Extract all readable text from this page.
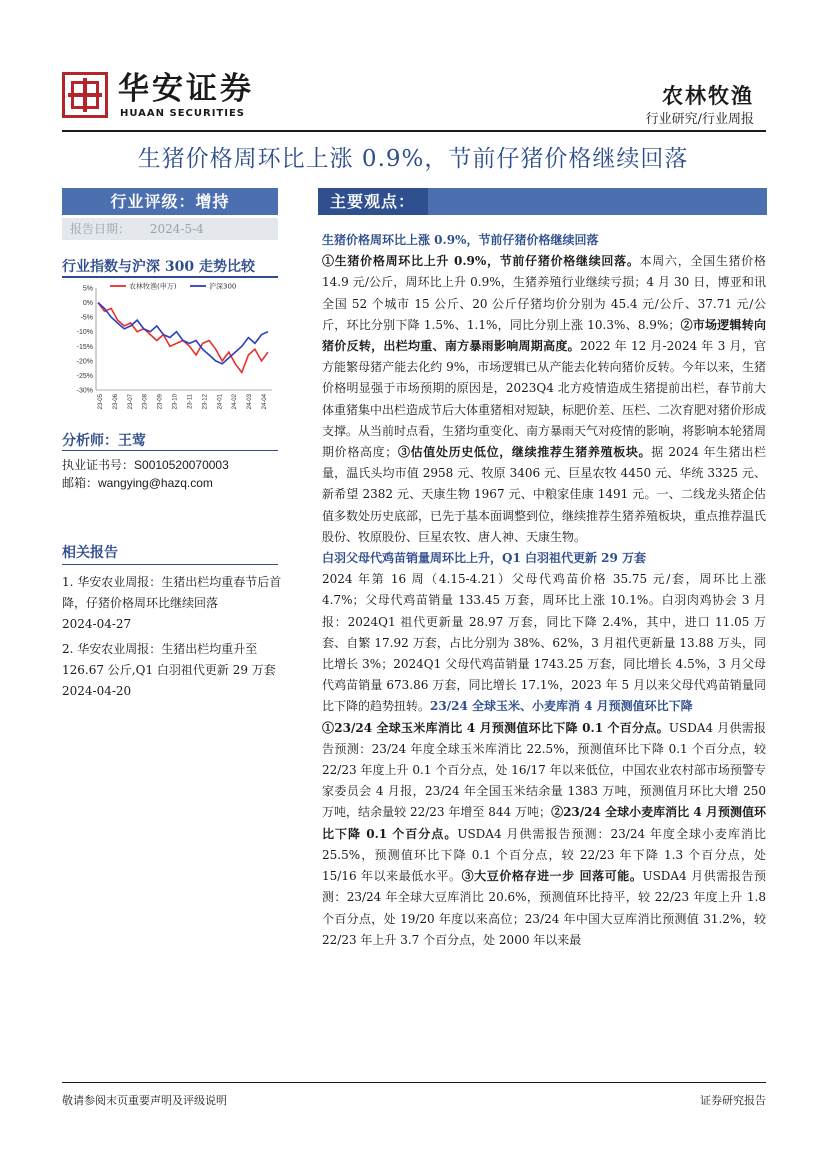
华安证券
HUAAN SECURITIES
农林牧渔
行业研究/行业周报
生猪价格周环比上涨 0.9%，节前仔猪价格继续回落
行业评级：增持
报告日期： 2024-5-4
行业指数与沪深 300 走势比较
5%
0%
-5%
-10%
-15%
-20%
-25%
-30%
23-05 23-06 23-07 23-08 23-09 23-10 23-11 23-12 24-01 24-02 24-03 24-04
农林牧渔(申万)	沪深300
分析师：王莺
执业证书号：S0010520070003
邮箱：wangying@hazq.com
相关报告
1. 华安农业周报：生猪出栏均重春节后首降，仔猪价格周环比继续回落
2024-04-27
2. 华安农业周报：生猪出栏均重升至 126.67 公斤,Q1 白羽祖代更新 29 万套
2024-04-20
主要观点：

生猪价格周环比上涨 0.9%，节前仔猪价格继续回落
①生猪价格周环比上升 0.9%，节前仔猪价格继续回落。本周六，全国生猪价格 14.9 元/公斤，周环比上升 0.9%，生猪养殖行业继续亏损；4 月 30 日，博亚和讯全国 52 个城市 15 公斤、20 公斤仔猪均价分别为 45.4 元/公斤、37.71 元/公斤，环比分别下降 1.5%、1.1%，同比分别上涨 10.3%、8.9%；②市场逻辑转向猪价反转，出栏均重、南方暴雨影响周期高度。2022 年 12 月-2024 年 3 月，官方能繁母猪产能去化约 9%，市场逻辑已从产能去化转向猪价反转。今年以来，生猪价格明显强于市场预期的原因是，2023Q4 北方疫情造成生猪提前出栏，春节前大体重猪集中出栏造成节后大体重猪相对短缺，标肥价差、压栏、二次育肥对猪价形成支撑。从当前时点看，生猪均重变化、南方暴雨天气对疫情的影响，将影响本轮猪周期价格高度；③估值处历史低位，继续推荐生猪养殖板块。据 2024 年生猪出栏量，温氏头均市值 2958 元、牧原 3406 元、巨星农牧 4450 元、华统 3325 元、新希望 2382 元、天康生物 1967 元、中粮家佳康 1491 元。一、二线龙头猪企估值多数处历史底部，已先于基本面调整到位，继续推荐生猪养殖板块，重点推荐温氏股份、牧原股份、巨星农牧、唐人神、天康生物。

白羽父母代鸡苗销量周环比上升，Q1 白羽祖代更新 29 万套
2024 年第 16 周（4.15-4.21）父母代鸡苗价格 35.75 元/套，周环比上涨 4.7%；父母代鸡苗销量 133.45 万套，周环比上涨 10.1%。白羽肉鸡协会 3 月报：2024Q1 祖代更新量 28.97 万套，同比下降 2.4%，其中，进口 11.05 万套、自繁 17.92 万套，占比分别为 38%、62%，3 月祖代更新量 13.88 万头，同比增长 3%；2024Q1 父母代鸡苗销量 1743.25 万套，同比增长 4.5%，3 月父母代鸡苗销量 673.86 万套，同比增长 17.1%，2023 年 5 月以来父母代鸡苗销量同比下降的趋势扭转。23/24 全球玉米、小麦库消 4 月预测值环比下降

①23/24 全球玉米库消比 4 月预测值环比下降 0.1 个百分点。USDA4 月供需报告预测：23/24 年度全球玉米库消比 22.5%，预测值环比下降 0.1 个百分点，较 22/23 年度上升 0.1 个百分点，处 16/17 年以来低位，中国农业农村部市场预警专家委员会 4 月报，23/24 年全国玉米结余量 1383 万吨，预测值月环比大增 250 万吨，结余量较 22/23 年增至 844 万吨；②23/24 全球小麦库消比 4 月预测值环比下降 0.1 个百分点。USDA4 月供需报告预测：23/24 年度全球小麦库消比 25.5%，预测值环比下降 0.1 个百分点，较 22/23 年下降 1.3 个百分点，处 15/16 年以来最低水平。③大豆价格存进一步 回落可能。USDA4 月供需报告预测：23/24 年全球大豆库消比 20.6%，预测值环比持平，较 22/23 年度上升 1.8 个百分点，处 19/20 年度以来高位；23/24 年中国大豆库消比预测值 31.2%，较 22/23 年上升 3.7 个百分点，处 2000 年以来最

敬请参阅末页重要声明及评级说明	证券研究报告
